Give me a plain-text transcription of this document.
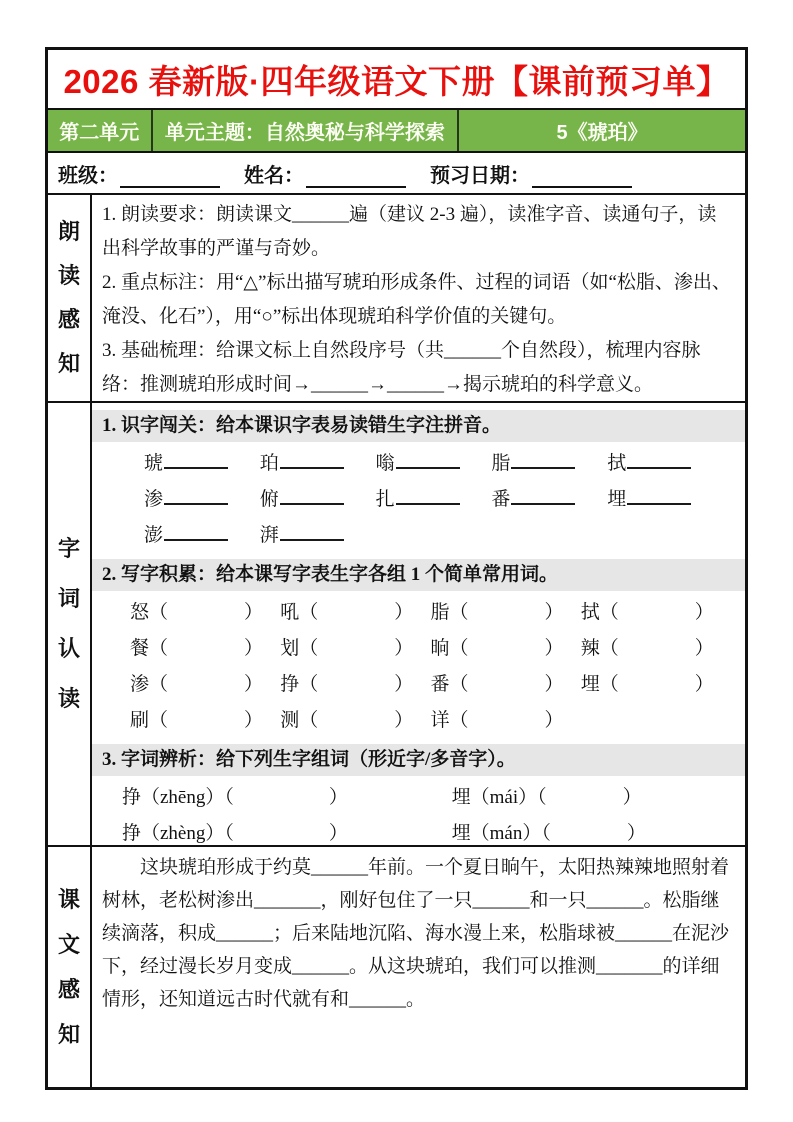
2026 春新版·四年级语文下册【课前预习单】
第二单元	单元主题：自然奥秘与科学探索	5《琥珀》
班级：	姓名：	预习日期：
朗读感知

1. 朗读要求：朗读课文______遍（建议 2-3 遍），读准字音、读通句子，读出科学故事的严谨与奇妙。

2. 重点标注：用“△”标出描写琥珀形成条件、过程的词语（如“松脂、渗出、淹没、化石”），用“○”标出体现琥珀科学价值的关键句。

3. 基础梳理：给课文标上自然段序号（共______个自然段），梳理内容脉络：推测琥珀形成时间→______→______→揭示琥珀的科学意义。

字词认读
1. 识字闯关：给本课识字表易读错生字注拼音。
琥	珀	嗡	脂	拭
渗	俯	扎	番	埋
澎	湃
2. 写字积累：给本课写字表生字各组 1 个简单常用词。
怒（　　　　） 吼（　　　　） 脂（　　　　） 拭（　　　　）
餐（　　　　） 划（　　　　） 晌（　　　　） 辣（　　　　）
渗（　　　　） 挣（　　　　） 番（　　　　） 埋（　　　　）
刷（　　　　） 测（　　　　） 详（　　　　）
3. 字词辨析：给下列生字组词（形近字/多音字）。
挣（zhēng）（　　　　　）	埋（mái）（　　　　）
挣（zhèng）（　　　　　）	埋（mán）（　　　　）
课文感知

这块琥珀形成于约莫______年前。一个夏日晌午，太阳热辣辣地照射着树林，老松树渗出_______，刚好包住了一只______和一只______。松脂继续滴落，积成______；后来陆地沉陷、海水漫上来，松脂球被______在泥沙下，经过漫长岁月变成______。从这块琥珀，我们可以推测_______的详细情形，还知道远古时代就有和______。
